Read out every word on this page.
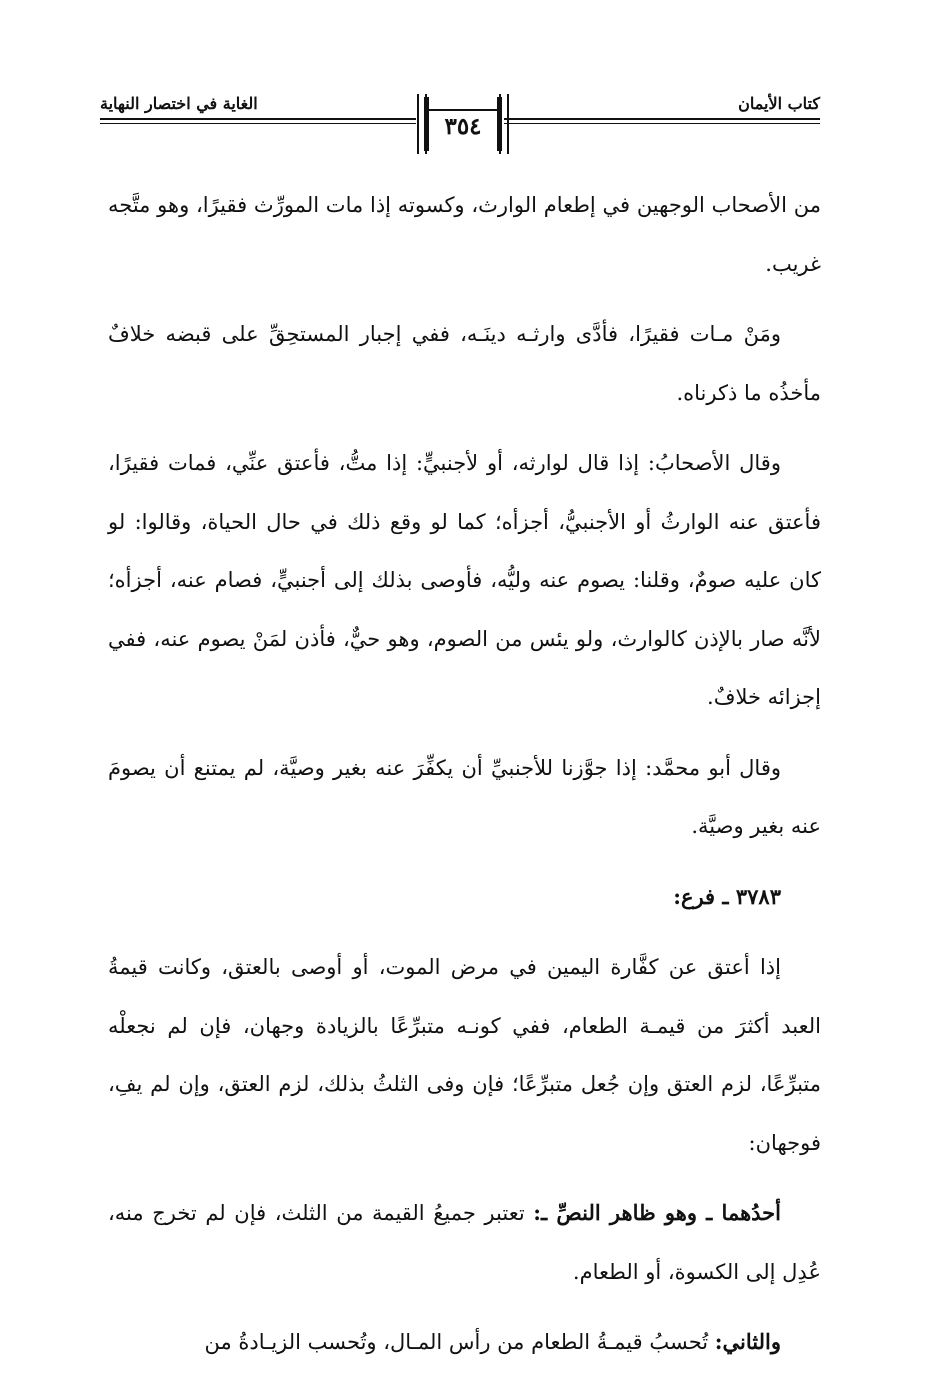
كتاب الأيمان
الغاية في اختصار النهاية
٣٥٤

من الأصحاب الوجهين في إطعام الوارث، وكسوته إذا مات المورِّث فقيرًا، وهو متَّجه غريب.

ومَنْ مـات فقيرًا، فأدَّى وارثـه دينَـه، ففي إجبار المستحِقِّ على قبضه خلافٌ مأخذُه ما ذكرناه.

وقال الأصحابُ: إذا قال لوارثه، أو لأجنبيٍّ: إذا متُّ، فأعتق عنِّي، فمات فقيرًا، فأعتق عنه الوارثُ أو الأجنبيُّ، أجزأه؛ كما لو وقع ذلك في حال الحياة، وقالوا: لو كان عليه صومٌ، وقلنا: يصوم عنه وليُّه، فأوصى بذلك إلى أجنبيٍّ، فصام عنه، أجزأه؛ لأنَّه صار بالإذن كالوارث، ولو يئس من الصوم، وهو حيٌّ، فأذن لمَنْ يصوم عنه، ففي إجزائه خلافٌ.

وقال أبو محمَّد: إذا جوَّزنا للأجنبيِّ أن يكفِّرَ عنه بغير وصيَّة، لم يمتنع أن يصومَ عنه بغير وصيَّة.

٣٧٨٣ ـ فرع:

إذا أعتق عن كفَّارة اليمين في مرض الموت، أو أوصى بالعتق، وكانت قيمةُ العبد أكثرَ من قيمـة الطعام، ففي كونـه متبرِّعًا بالزيادة وجهان، فإن لم نجعلْه متبرِّعًا، لزم العتق وإن جُعل متبرِّعًا؛ فإن وفى الثلثُ بذلك، لزم العتق، وإن لم يفِ، فوجهان:

أحدُهما ـ وهو ظاهر النصِّ ـ: تعتبر جميعُ القيمة من الثلث، فإن لم تخرج منه، عُدِل إلى الكسوة، أو الطعام.

والثاني: تُحسبُ قيمـةُ الطعام من رأس المـال، وتُحسب الزيـادةُ من
